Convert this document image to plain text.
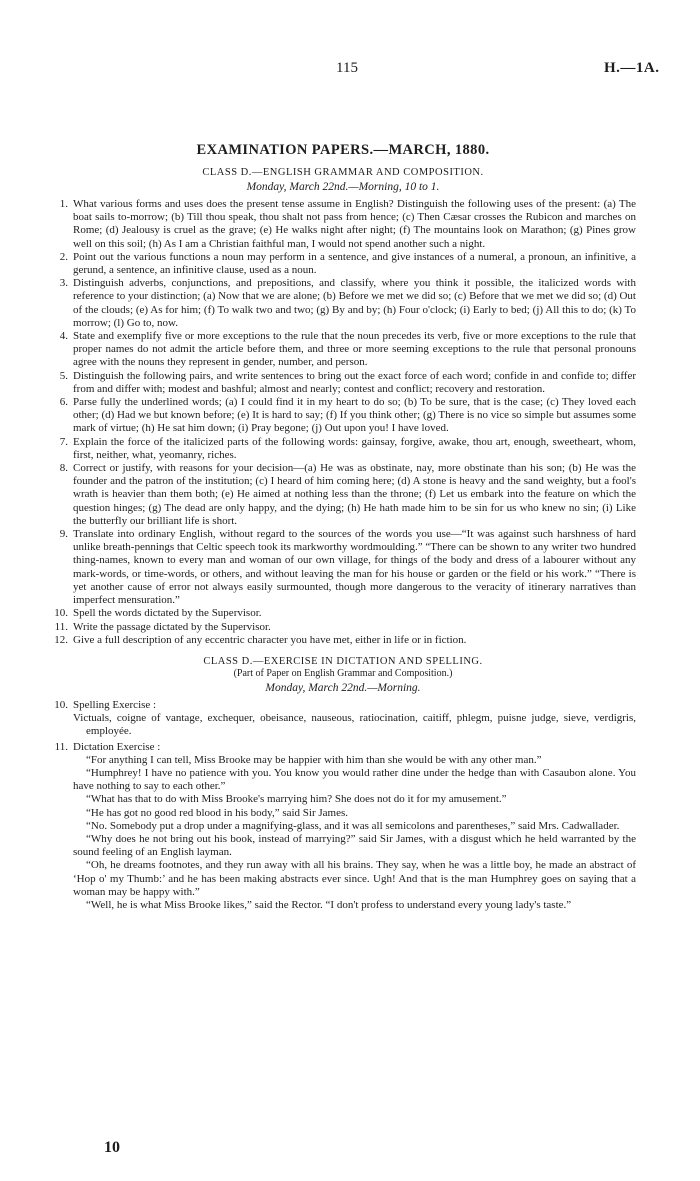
115	H.—1A.
EXAMINATION PAPERS.—MARCH, 1880.

CLASS D.—ENGLISH GRAMMAR AND COMPOSITION.

Monday, March 22nd.—Morning, 10 to 1.

1. What various forms and uses does the present tense assume in English? Distinguish the following uses of the present: (a) The boat sails to-morrow; (b) Till thou speak, thou shalt not pass from hence; (c) Then Cæsar crosses the Rubicon and marches on Rome; (d) Jealousy is cruel as the grave; (e) He walks night after night; (f) The mountains look on Marathon; (g) Pines grow well on this soil; (h) As I am a Christian faithful man, I would not spend another such a night.
2. Point out the various functions a noun may perform in a sentence, and give instances of a numeral, a pronoun, an infinitive, a gerund, a sentence, an infinitive clause, used as a noun.
3. Distinguish adverbs, conjunctions, and prepositions, and classify, where you think it possible, the italicized words with reference to your distinction; (a) Now that we are alone; (b) Before we met we did so; (c) Before that we met we did so; (d) Out of the clouds; (e) As for him; (f) To walk two and two; (g) By and by; (h) Four o'clock; (i) Early to bed; (j) All this to do; (k) To morrow; (l) Go to, now.
4. State and exemplify five or more exceptions to the rule that the noun precedes its verb, five or more exceptions to the rule that proper names do not admit the article before them, and three or more seeming exceptions to the rule that personal pronouns agree with the nouns they represent in gender, number, and person.
5. Distinguish the following pairs, and write sentences to bring out the exact force of each word; confide in and confide to; differ from and differ with; modest and bashful; almost and nearly; contest and conflict; recovery and restoration.
6. Parse fully the underlined words; (a) I could find it in my heart to do so; (b) To be sure, that is the case; (c) They loved each other; (d) Had we but known before; (e) It is hard to say; (f) If you think other; (g) There is no vice so simple but assumes some mark of virtue; (h) He sat him down; (i) Pray begone; (j) Out upon you! I have loved.
7. Explain the force of the italicized parts of the following words: gainsay, forgive, awake, thou art, enough, sweetheart, whom, first, neither, what, yeomanry, riches.
8. Correct or justify, with reasons for your decision—(a) He was as obstinate, nay, more obstinate than his son; (b) He was the founder and the patron of the institution; (c) I heard of him coming here; (d) A stone is heavy and the sand weighty, but a fool's wrath is heavier than them both; (e) He aimed at nothing less than the throne; (f) Let us embark into the feature on which the question hinges; (g) The dead are only happy, and the dying; (h) He hath made him to be sin for us who knew no sin; (i) Like the butterfly our brilliant life is short.
9. Translate into ordinary English, without regard to the sources of the words you use—“It was against such harshness of hard unlike breath-pennings that Celtic speech took its markworthy wordmoulding.” “There can be shown to any writer two hundred thing-names, known to every man and woman of our own village, for things of the body and dress of a labourer without any mark-words, or time-words, or others, and without leaving the man for his house or garden or the field or his work.” “There is yet another cause of error not always easily surmounted, though more dangerous to the veracity of itinerary narratives than imperfect mensuration.”
10. Spell the words dictated by the Supervisor.
11. Write the passage dictated by the Supervisor.
12. Give a full description of any eccentric character you have met, either in life or in fiction.

CLASS D.—EXERCISE IN DICTATION AND SPELLING.

(Part of Paper on English Grammar and Composition.)

Monday, March 22nd.—Morning.

10. Spelling Exercise :

Victuals, coigne of vantage, exchequer, obeisance, nauseous, ratiocination, caitiff, phlegm, puisne judge, sieve, verdigris, employée.

11. Dictation Exercise :

“For anything I can tell, Miss Brooke may be happier with him than she would be with any other man.”

“Humphrey! I have no patience with you. You know you would rather dine under the hedge than with Casaubon alone. You have nothing to say to each other.”

“What has that to do with Miss Brooke's marrying him? She does not do it for my amusement.”

“He has got no good red blood in his body,” said Sir James.

“No. Somebody put a drop under a magnifying-glass, and it was all semicolons and parentheses,” said Mrs. Cadwallader.

“Why does he not bring out his book, instead of marrying?” said Sir James, with a disgust which he held warranted by the sound feeling of an English layman.

“Oh, he dreams footnotes, and they run away with all his brains. They say, when he was a little boy, he made an abstract of ‘Hop o' my Thumb:’ and he has been making abstracts ever since. Ugh! And that is the man Humphrey goes on saying that a woman may be happy with.”

“Well, he is what Miss Brooke likes,” said the Rector. “I don't profess to understand every young lady's taste.”

10
